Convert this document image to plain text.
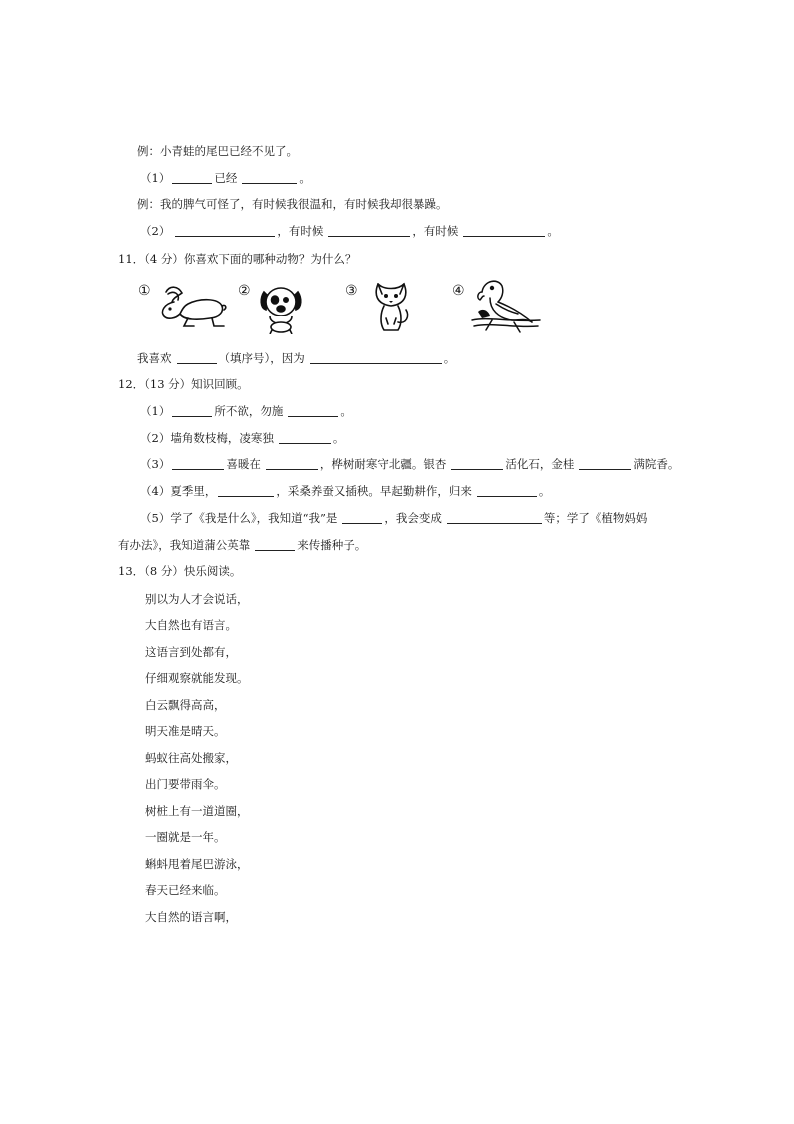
例：小青蛙的尾巴已经不见了。
（1）	已经	。
例：我的脾气可怪了，有时候我很温和，有时候我却很暴躁。
（2）	，有时候	，有时候	。
11．（4 分）你喜欢下面的哪种动物？为什么？
①	②	③	④
我喜欢	（填序号），因为	。
12．（13 分）知识回顾。
（1）	所不欲，勿施	。
（2）墙角数枝梅，凌寒独	。
（3）	喜暖在	，桦树耐寒守北疆。银杏	活化石，金桂	满院香。
（4）夏季里，	，采桑养蚕又插秧。早起勤耕作，归来	。
（5）学了《我是什么》，我知道“我”是	，我会变成	等；学了《植物妈妈
有办法》，我知道蒲公英靠	来传播种子。
13．（8 分）快乐阅读。
别以为人才会说话，
大自然也有语言。
这语言到处都有，
仔细观察就能发现。
白云飘得高高，
明天准是晴天。
蚂蚁往高处搬家，
出门要带雨伞。
树桩上有一道道圈，
一圈就是一年。
蝌蚪甩着尾巴游泳，
春天已经来临。
大自然的语言啊，
